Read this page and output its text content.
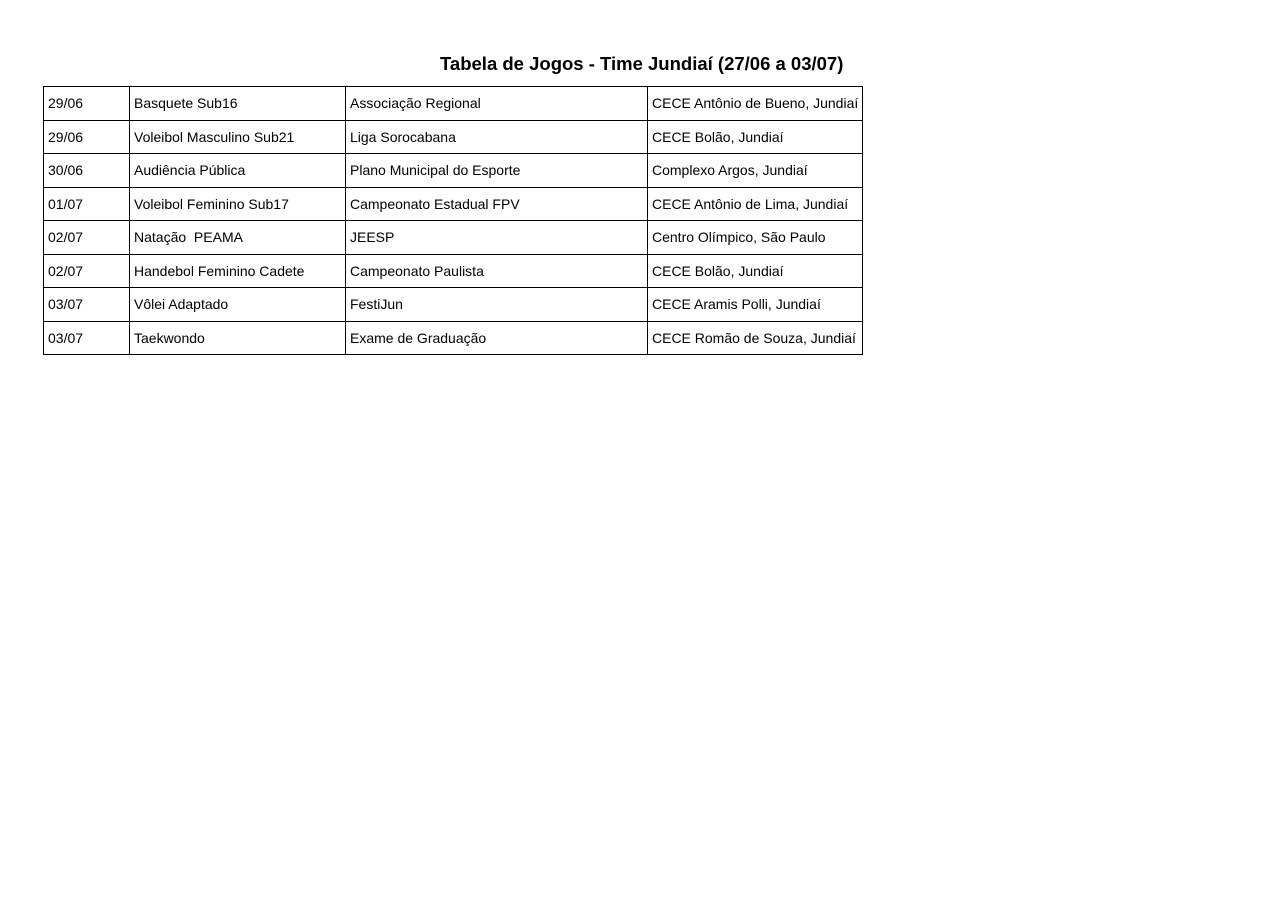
Tabela de Jogos - Time Jundiaí (27/06 a 03/07)
29/06	Basquete Sub16	Associação Regional	CECE Antônio de Bueno, Jundiaí
29/06	Voleibol Masculino Sub21	Liga Sorocabana	CECE Bolão, Jundiaí
30/06	Audiência Pública	Plano Municipal do Esporte	Complexo Argos, Jundiaí
01/07	Voleibol Feminino Sub17	Campeonato Estadual FPV	CECE Antônio de Lima, Jundiaí
02/07	Natação  PEAMA	JEESP	Centro Olímpico, São Paulo
02/07	Handebol Feminino Cadete	Campeonato Paulista	CECE Bolão, Jundiaí
03/07	Vôlei Adaptado	FestiJun	CECE Aramis Polli, Jundiaí
03/07	Taekwondo	Exame de Graduação	CECE Romão de Souza, Jundiaí
